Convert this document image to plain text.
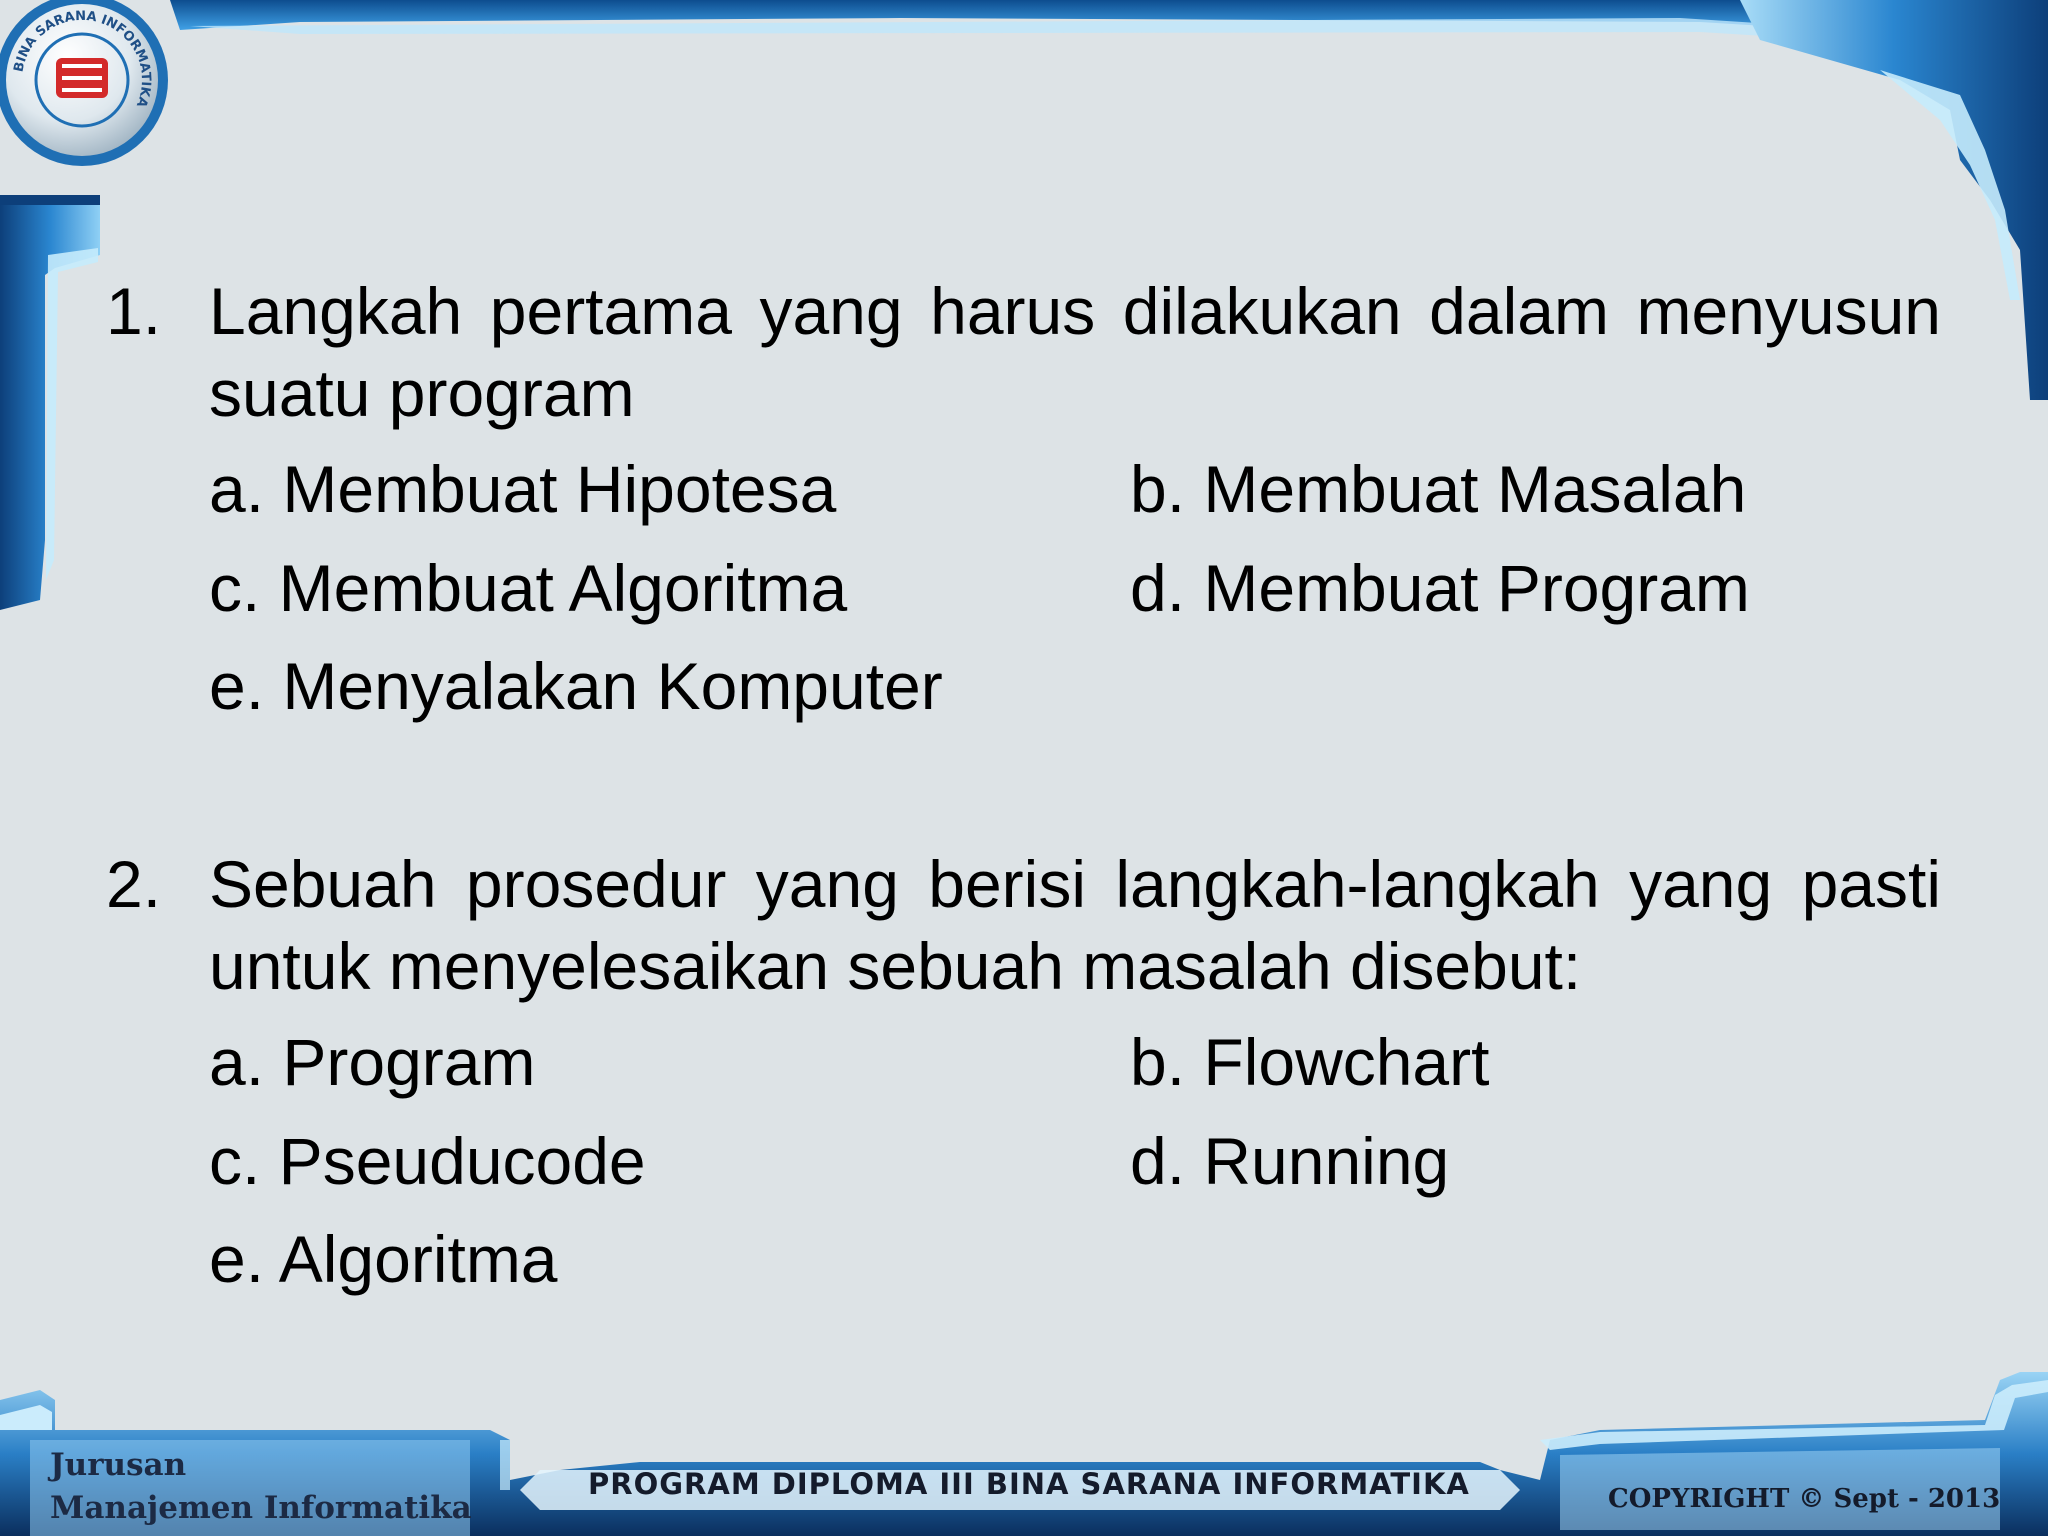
BINA SARANA INFORMATIKA
1. Langkah pertama yang harus dilakukan dalam menyusun suatu program
a. Membuat Hipotesa	b. Membuat Masalah
c. Membuat Algoritma	d. Membuat Program
e. Menyalakan Komputer
2. Sebuah prosedur yang berisi langkah-langkah yang pasti untuk menyelesaikan sebuah masalah disebut:
a. Program	b. Flowchart
c. Pseuducode	d. Running
e. Algoritma
Jurusan
Manajemen Informatika
PROGRAM DIPLOMA III BINA SARANA INFORMATIKA	COPYRIGHT © Sept - 2013
